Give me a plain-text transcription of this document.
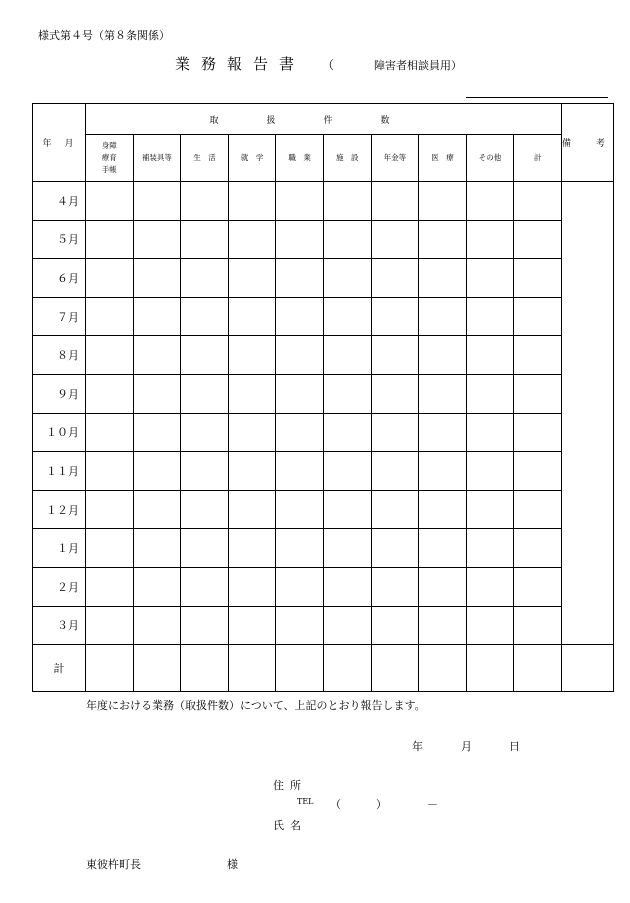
様式第４号（第８条関係）
業務報告書 （	障害者相談員用）
年　月	取扱件数										備　考
	身障
療育
手帳	補装具等	生　活	就　学	職　業	施　設	年金等	医　療	その他	計	
４月											
５月											
６月											
７月											
８月											
９月											
１０月											
１１月											
１２月											
１月											
２月											
３月											
計											
年度における業務（取扱件数）について、上記のとおり報告します。
年	月	日
住所
TEL （	）	－
氏名
東彼杵町長	様
